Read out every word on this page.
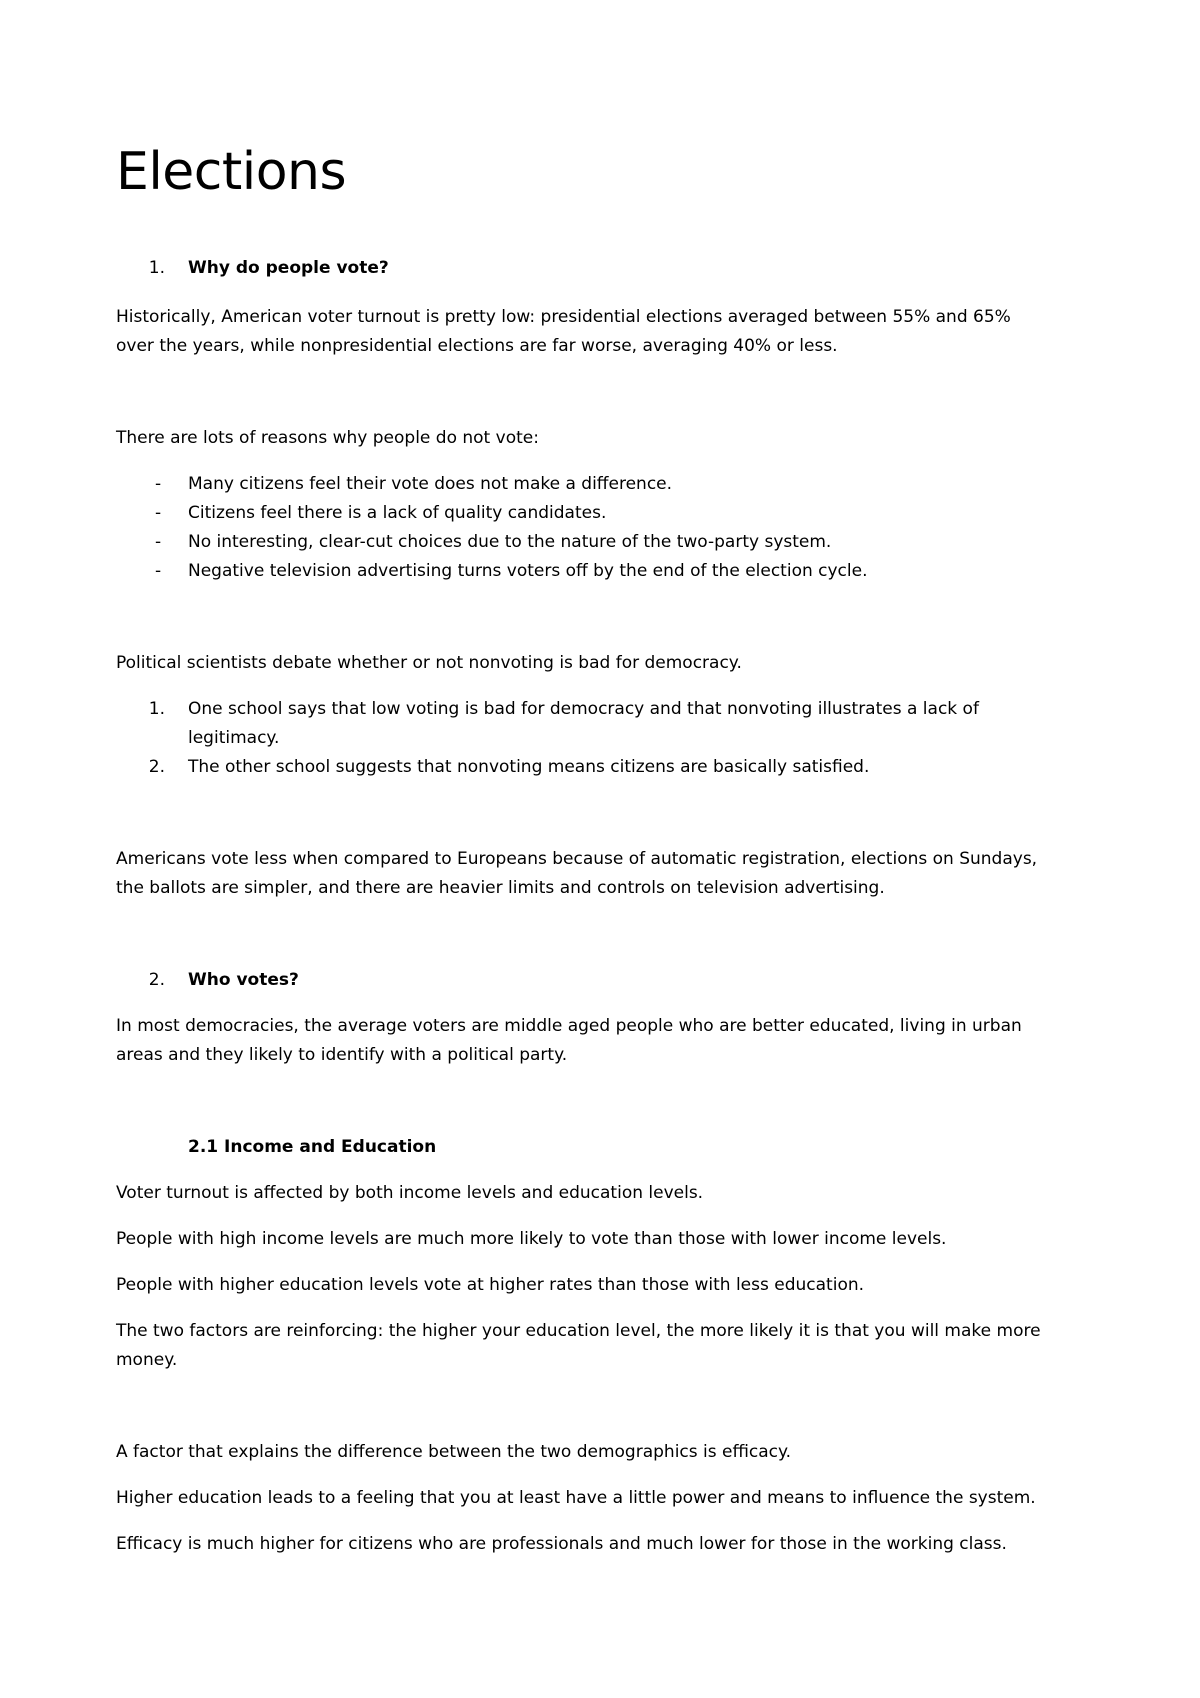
Elections
1. Why do people vote?

Historically, American voter turnout is pretty low: presidential elections averaged between 55% and 65%

over the years, while nonpresidential elections are far worse, averaging 40% or less.

There are lots of reasons why people do not vote:

- Many citizens feel their vote does not make a difference.
- Citizens feel there is a lack of quality candidates.
- No interesting, clear-cut choices due to the nature of the two-party system.
- Negative television advertising turns voters off by the end of the election cycle.

Political scientists debate whether or not nonvoting is bad for democracy.

1. One school says that low voting is bad for democracy and that nonvoting illustrates a lack of
legitimacy.
2. The other school suggests that nonvoting means citizens are basically satisfied.

Americans vote less when compared to Europeans because of automatic registration, elections on Sundays,

the ballots are simpler, and there are heavier limits and controls on television advertising.

2. Who votes?

In most democracies, the average voters are middle aged people who are better educated, living in urban

areas and they likely to identify with a political party.

2.1 Income and Education

Voter turnout is affected by both income levels and education levels.

People with high income levels are much more likely to vote than those with lower income levels.

People with higher education levels vote at higher rates than those with less education.

The two factors are reinforcing: the higher your education level, the more likely it is that you will make more

money.

A factor that explains the difference between the two demographics is efficacy.

Higher education leads to a feeling that you at least have a little power and means to influence the system.

Efficacy is much higher for citizens who are professionals and much lower for those in the working class.
